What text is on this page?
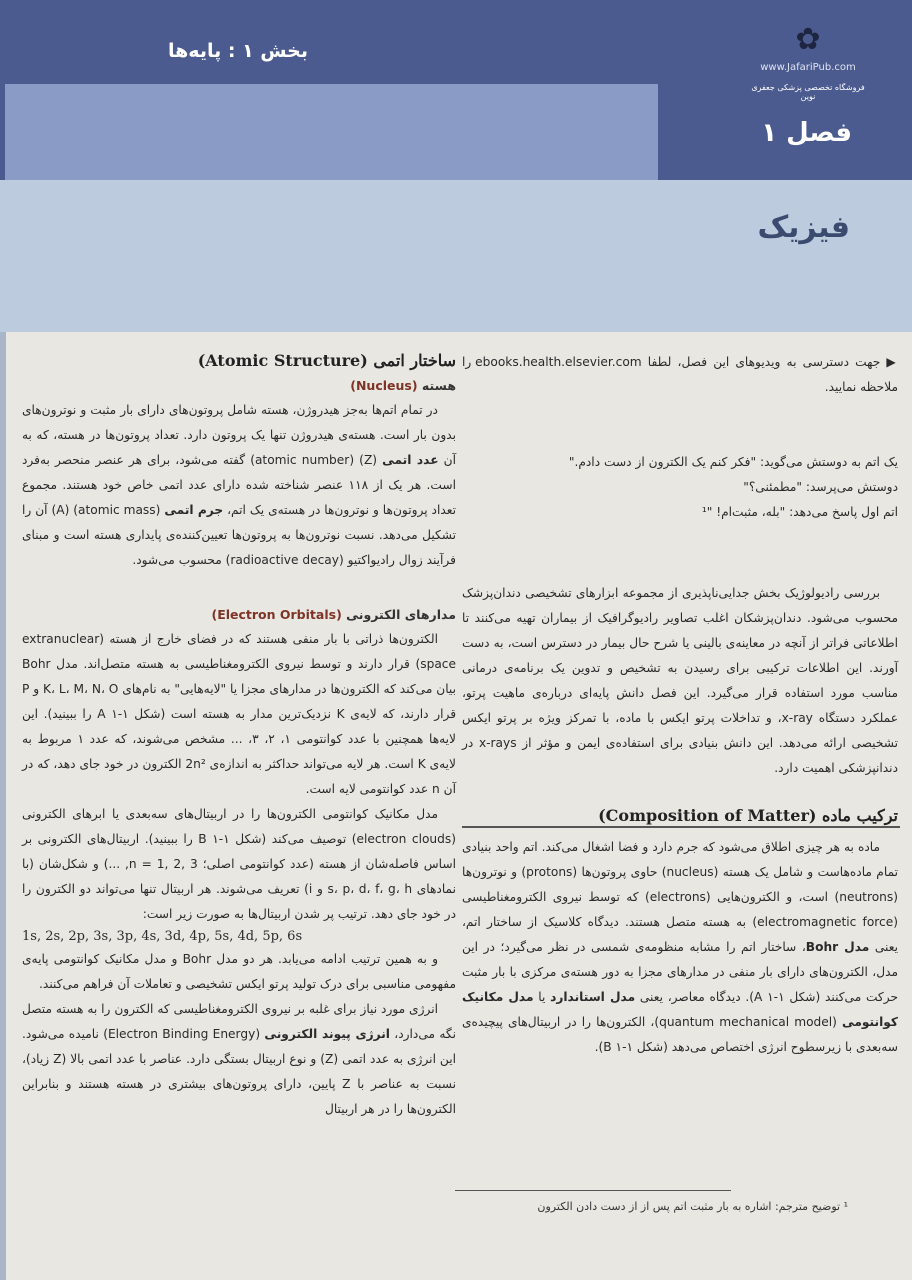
بخش ۱ : پایه‌ها	✿
www.JafariPub.com
فروشگاه تخصصی پزشکی جعفری نوین
فصل ۱
فیزیک

▶ جهت دسترسی به ویدیوهای این فصل، لطفا ebooks.health.elsevier.com را ملاحظه نمایید.

یک اتم به دوستش می‌گوید: "فکر کنم یک الکترون از دست دادم."

دوستش می‌پرسد: "مطمئنی؟"

اتم اول پاسخ می‌دهد: "بله، مثبت‌ام! "¹

بررسی رادیولوژیک بخش جدایی‌ناپذیری از مجموعه ابزارهای تشخیصی دندان‌پزشک محسوب می‌شود. دندان‌پزشکان اغلب تصاویر رادیوگرافیک از بیماران تهیه می‌کنند تا اطلاعاتی فراتر از آنچه در معاینه‌ی بالینی یا شرح حال بیمار در دسترس است، به دست آورند. این اطلاعات ترکیبی برای رسیدن به تشخیص و تدوین یک برنامه‌ی درمانی مناسب مورد استفاده قرار می‌گیرد. این فصل دانش پایه‌ای درباره‌ی ماهیت پرتو، عملکرد دستگاه x-ray، و تداخلات پرتو ایکس با ماده، با تمرکز ویژه بر پرتو ایکس تشخیصی ارائه می‌دهد. این دانش بنیادی برای استفاده‌ی ایمن و مؤثر از x-rays در دندانپزشکی اهمیت دارد.

ترکیب ماده (Composition of Matter)

ماده به هر چیزی اطلاق می‌شود که جرم دارد و فضا اشغال می‌کند. اتم واحد بنیادی تمام ماده‌هاست و شامل یک هسته (nucleus) حاوی پروتون‌ها (protons) و نوترون‌ها (neutrons) است، و الکترون‌هایی (electrons) که توسط نیروی الکترومغناطیسی (electromagnetic force) به هسته متصل هستند. دیدگاه کلاسیک از ساختار اتم، یعنی مدل Bohr، ساختار اتم را مشابه منظومه‌ی شمسی در نظر می‌گیرد؛ در این مدل، الکترون‌های دارای بار منفی در مدارهای مجزا به دور هسته‌ی مرکزی با بار مثبت حرکت می‌کنند (شکل ۱-۱ A). دیدگاه معاصر، یعنی مدل استاندارد یا مدل مکانیک کوانتومی (quantum mechanical model)، الکترون‌ها را در اربیتال‌های پیچیده‌ی سه‌بعدی با زیرسطوح انرژی اختصاص می‌دهد (شکل ۱-۱ B).

¹ توضیح مترجم: اشاره به بار مثبت اتم پس از از دست دادن الکترون
ساختار اتمی (Atomic Structure)
هسته (Nucleus)

در تمام اتم‌ها به‌جز هیدروژن، هسته شامل پروتون‌های دارای بار مثبت و نوترون‌های بدون بار است. هسته‌ی هیدروژن تنها یک پروتون دارد. تعداد پروتون‌ها در هسته، که به آن عدد اتمی (Z) (atomic number) گفته می‌شود، برای هر عنصر منحصر به‌فرد است. هر یک از ۱۱۸ عنصر شناخته شده دارای عدد اتمی خاص خود هستند. مجموع تعداد پروتون‌ها و نوترون‌ها در هسته‌ی یک اتم، جرم اتمی (atomic mass) (A) آن را تشکیل می‌دهد. نسبت نوترون‌ها به پروتون‌ها تعیین‌کننده‌ی پایداری هسته است و مبنای فرآیند زوال رادیواکتیو (radioactive decay) محسوب می‌شود.

مدارهای الکترونی (Electron Orbitals)

الکترون‌ها ذراتی با بار منفی هستند که در فضای خارج از هسته (extranuclear space) قرار دارند و توسط نیروی الکترومغناطیسی به هسته متصل‌اند. مدل Bohr بیان می‌کند که الکترون‌ها در مدارهای مجزا یا "لایه‌هایی" به نام‌های K، L، M، N، O و P قرار دارند، که لایه‌ی K نزدیک‌ترین مدار به هسته است (شکل ۱-۱ A را ببینید). این لایه‌ها همچنین با عدد کوانتومی ۱، ۲، ۳، ... مشخص می‌شوند، که عدد ۱ مربوط به لایه‌ی K است. هر لایه می‌تواند حداکثر به اندازه‌ی 2n² الکترون در خود جای دهد، که در آن n عدد کوانتومی لایه است.

مدل مکانیک کوانتومی الکترون‌ها را در اربیتال‌های سه‌بعدی یا ابرهای الکترونی (electron clouds) توصیف می‌کند (شکل ۱-۱ B را ببینید). اربیتال‌های الکترونی بر اساس فاصله‌شان از هسته (عدد کوانتومی اصلی؛ n = 1, 2, 3, ...) و شکل‌شان (با نمادهای s، p، d، f، g، h و i) تعریف می‌شوند. هر اربیتال تنها می‌تواند دو الکترون را در خود جای دهد. ترتیب پر شدن اربیتال‌ها به صورت زیر است:

1s, 2s, 2p, 3s, 3p, 4s, 3d, 4p, 5s, 4d, 5p, 6s

و به همین ترتیب ادامه می‌یابد. هر دو مدل Bohr و مدل مکانیک کوانتومی پایه‌ی مفهومی مناسبی برای درک تولید پرتو ایکس تشخیصی و تعاملات آن فراهم می‌کنند.

انرژی مورد نیاز برای غلبه بر نیروی الکترومغناطیسی که الکترون را به هسته متصل نگه می‌دارد، انرژی پیوند الکترونی (Electron Binding Energy) نامیده می‌شود. این انرژی به عدد اتمی (Z) و نوع اربیتال بستگی دارد. عناصر با عدد اتمی بالا (Z زیاد)، نسبت به عناصر با Z پایین، دارای پروتون‌های بیشتری در هسته هستند و بنابراین الکترون‌ها را در هر اربیتال
